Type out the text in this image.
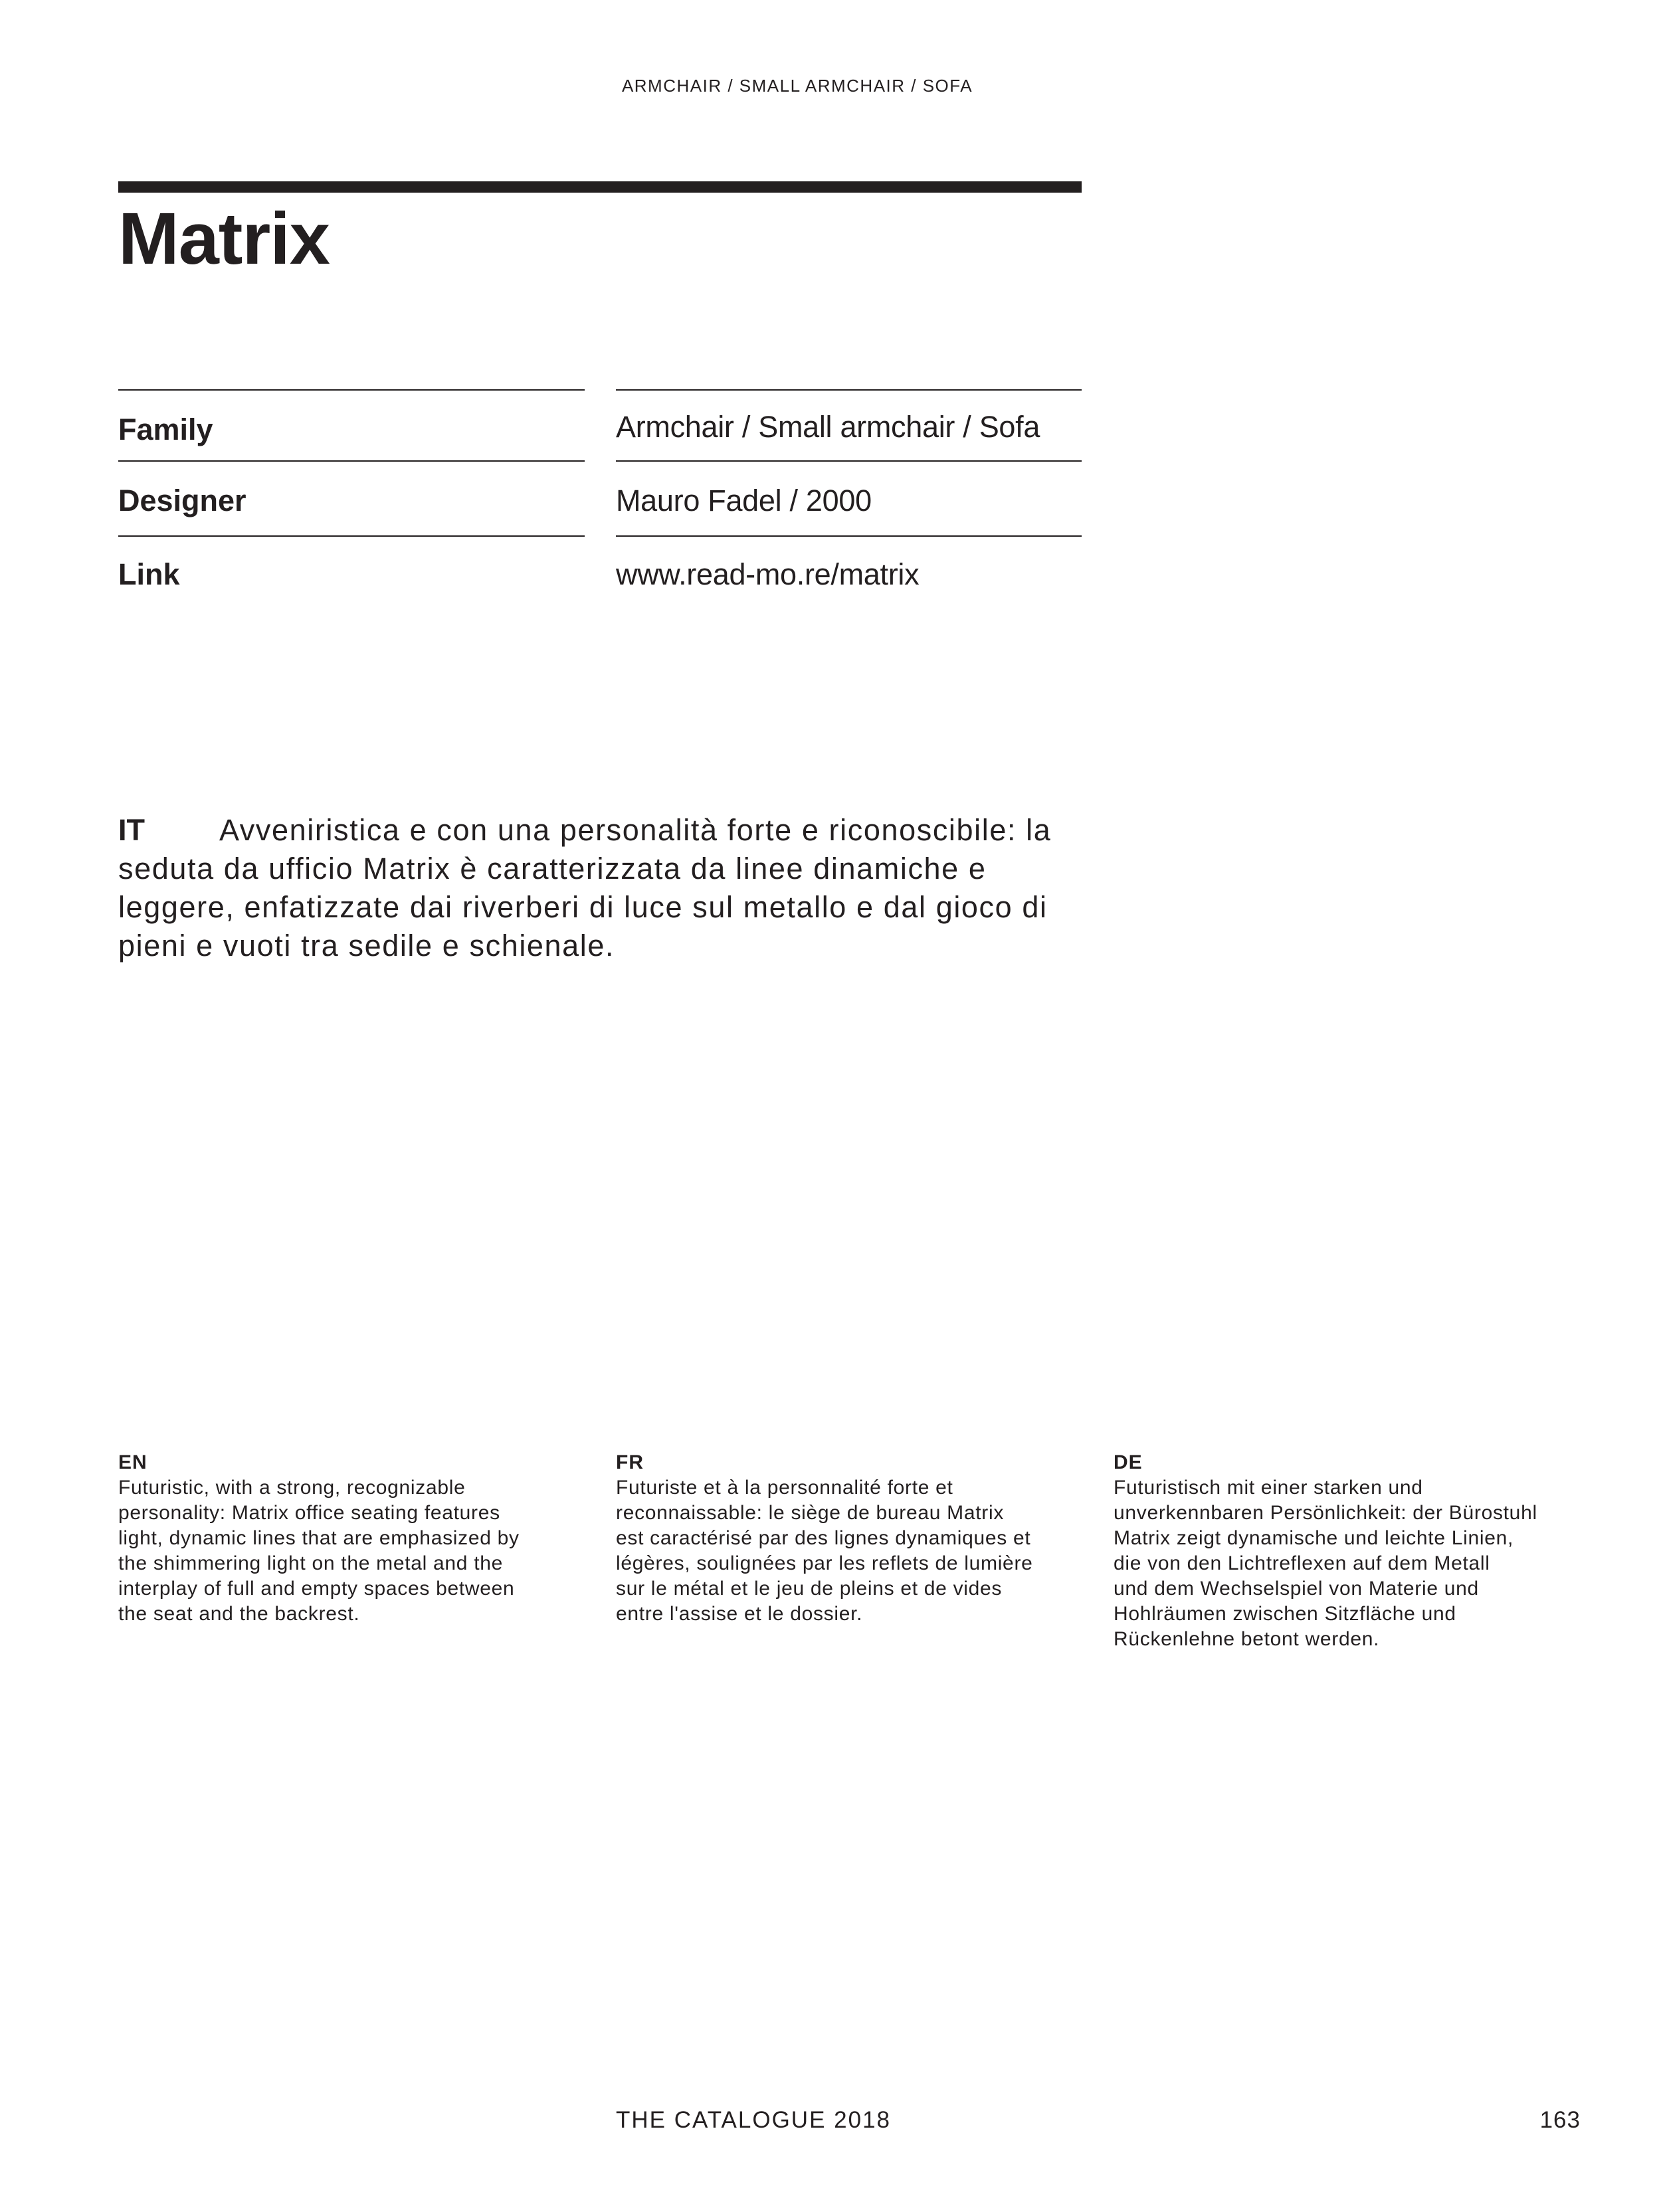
ARMCHAIR / SMALL ARMCHAIR / SOFA
Matrix
Family	Armchair / Small armchair / Sofa
Designer	Mauro Fadel / 2000
Link	www.read-mo.re/matrix

IT Avveniristica e con una personalità forte e riconoscibile: la seduta da ufficio Matrix è caratterizzata da linee dinamiche e leggere, enfatizzate dai riverberi di luce sul metallo e dal gioco di pieni e vuoti tra sedile e schienale.

EN

Futuristic, with a strong, recognizable
personality: Matrix office seating features
light, dynamic lines that are emphasized by
the shimmering light on the metal and the
interplay of full and empty spaces between
the seat and the backrest.

FR

Futuriste et à la personnalité forte et
reconnaissable: le siège de bureau Matrix
est caractérisé par des lignes dynamiques et
légères, soulignées par les reflets de lumière
sur le métal et le jeu de pleins et de vides
entre l'assise et le dossier.

DE

Futuristisch mit einer starken und
unverkennbaren Persönlichkeit: der Bürostuhl
Matrix zeigt dynamische und leichte Linien,
die von den Lichtreflexen auf dem Metall
und dem Wechselspiel von Materie und
Hohlräumen zwischen Sitzfläche und
Rückenlehne betont werden.

THE CATALOGUE 2018	163
